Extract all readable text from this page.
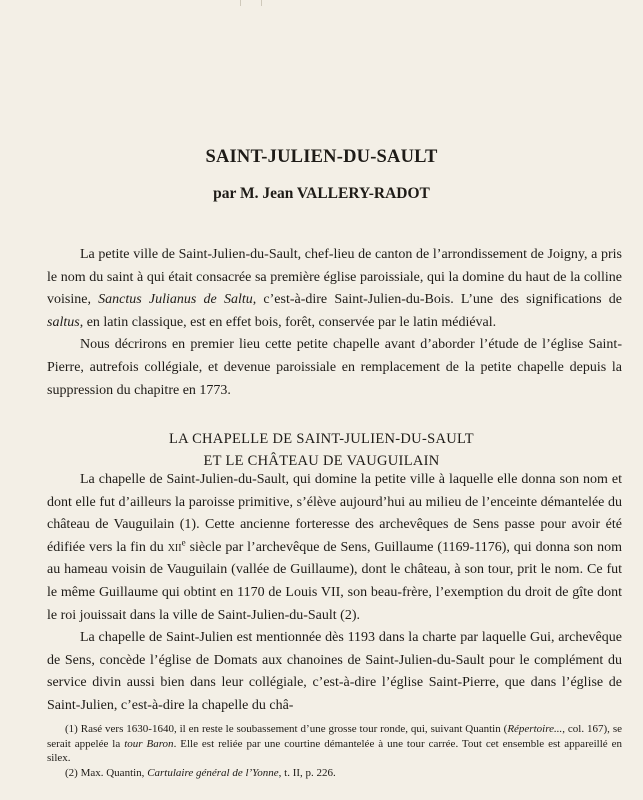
SAINT-JULIEN-DU-SAULT
par M. Jean VALLERY-RADOT

La petite ville de Saint-Julien-du-Sault, chef-lieu de canton de l’arrondissement de Joigny, a pris le nom du saint à qui était consacrée sa première église paroissiale, qui la domine du haut de la colline voisine, Sanctus Julianus de Saltu, c’est-à-dire Saint-Julien-du-Bois. L’une des significations de saltus, en latin classique, est en effet bois, forêt, conservée par le latin médiéval.

Nous décrirons en premier lieu cette petite chapelle avant d’aborder l’étude de l’église Saint-Pierre, autrefois collégiale, et devenue paroissiale en remplacement de la petite chapelle depuis la suppression du chapitre en 1773.

LA CHAPELLE DE SAINT-JULIEN-DU-SAULT
ET LE CHÂTEAU DE VAUGUILAIN

La chapelle de Saint-Julien-du-Sault, qui domine la petite ville à laquelle elle donna son nom et dont elle fut d’ailleurs la paroisse primitive, s’élève aujourd’hui au milieu de l’enceinte démantelée du château de Vauguilain (1). Cette ancienne forteresse des archevêques de Sens passe pour avoir été édifiée vers la fin du xii$^e$ siècle par l’archevêque de Sens, Guillaume (1169-1176), qui donna son nom au hameau voisin de Vauguilain (vallée de Guillaume), dont le château, à son tour, prit le nom. Ce fut le même Guillaume qui obtint en 1170 de Louis VII, son beau-frère, l’exemption du droit de gîte dont le roi jouissait dans la ville de Saint-Julien-du-Sault (2).

La chapelle de Saint-Julien est mentionnée dès 1193 dans la charte par laquelle Gui, archevêque de Sens, concède l’église de Domats aux chanoines de Saint-Julien-du-Sault pour le complément du service divin aussi bien dans leur collégiale, c’est-à-dire l’église Saint-Pierre, que dans l’église de Saint-Julien, c’est-à-dire la chapelle du châ-

(1) Rasé vers 1630-1640, il en reste le soubassement d’une grosse tour ronde, qui, suivant Quantin (Répertoire..., col. 167), se serait appelée la tour Baron. Elle est reliée par une courtine démantelée à une tour carrée. Tout cet ensemble est appareillé en silex.

(2) Max. Quantin, Cartulaire général de l’Yonne, t. II, p. 226.
